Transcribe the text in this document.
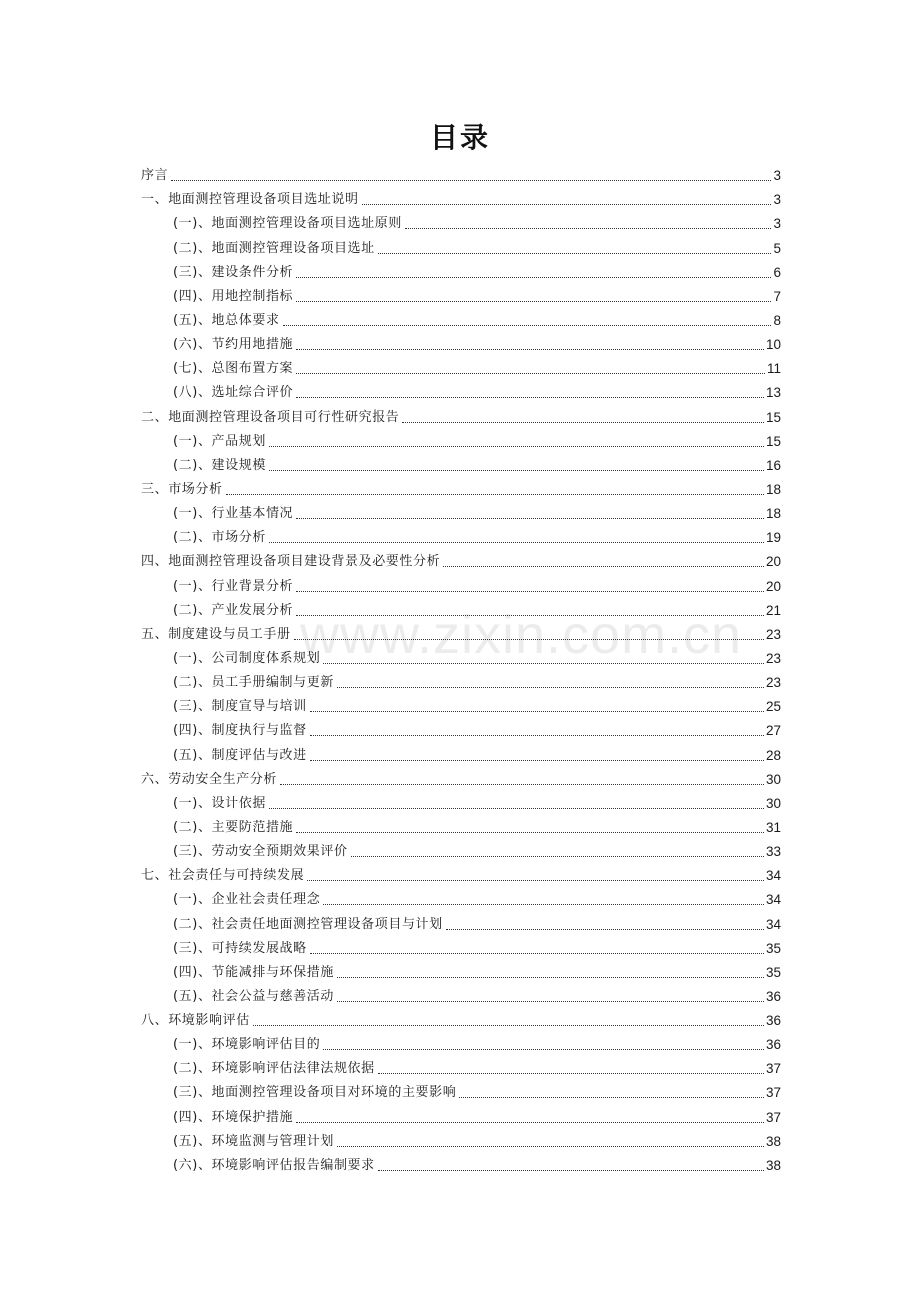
目录
www.zixin.com.cn
序言	3
一、地面测控管理设备项目选址说明	3
(一)、地面测控管理设备项目选址原则	3
(二)、地面测控管理设备项目选址	5
(三)、建设条件分析	6
(四)、用地控制指标	7
(五)、地总体要求	8
(六)、节约用地措施	10
(七)、总图布置方案	11
(八)、选址综合评价	13
二、地面测控管理设备项目可行性研究报告	15
(一)、产品规划	15
(二)、建设规模	16
三、市场分析	18
(一)、行业基本情况	18
(二)、市场分析	19
四、地面测控管理设备项目建设背景及必要性分析	20
(一)、行业背景分析	20
(二)、产业发展分析	21
五、制度建设与员工手册	23
(一)、公司制度体系规划	23
(二)、员工手册编制与更新	23
(三)、制度宣导与培训	25
(四)、制度执行与监督	27
(五)、制度评估与改进	28
六、劳动安全生产分析	30
(一)、设计依据	30
(二)、主要防范措施	31
(三)、劳动安全预期效果评价	33
七、社会责任与可持续发展	34
(一)、企业社会责任理念	34
(二)、社会责任地面测控管理设备项目与计划	34
(三)、可持续发展战略	35
(四)、节能减排与环保措施	35
(五)、社会公益与慈善活动	36
八、环境影响评估	36
(一)、环境影响评估目的	36
(二)、环境影响评估法律法规依据	37
(三)、地面测控管理设备项目对环境的主要影响	37
(四)、环境保护措施	37
(五)、环境监测与管理计划	38
(六)、环境影响评估报告编制要求	38
